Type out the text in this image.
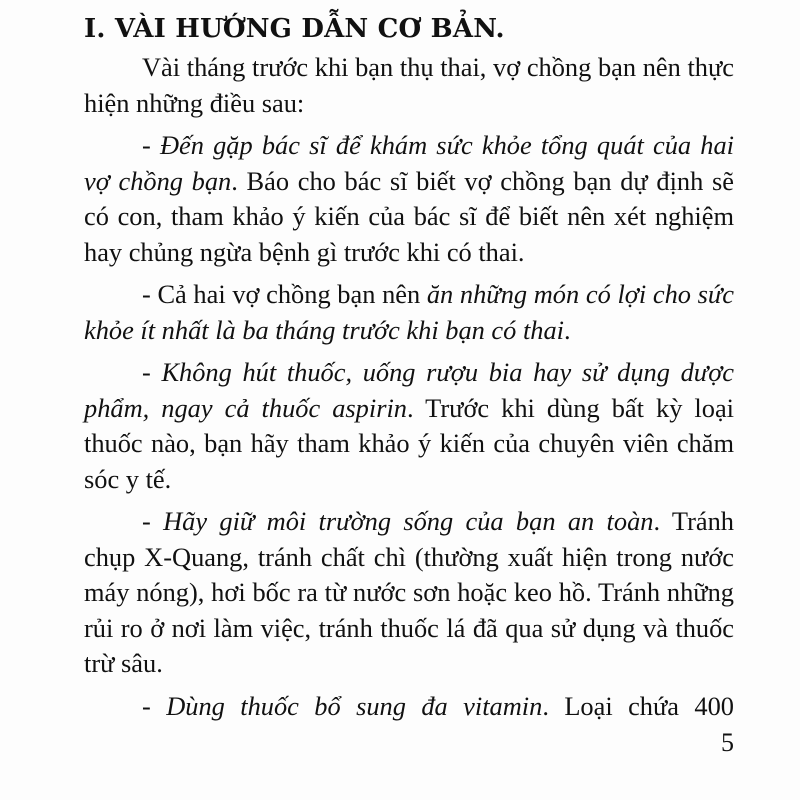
I. VÀI HƯỚNG DẪN CƠ BẢN.

Vài tháng trước khi bạn thụ thai, vợ chồng bạn nên thực hiện những điều sau:

- Đến gặp bác sĩ để khám sức khỏe tổng quát của hai vợ chồng bạn. Báo cho bác sĩ biết vợ chồng bạn dự định sẽ có con, tham khảo ý kiến của bác sĩ để biết nên xét nghiệm hay chủng ngừa bệnh gì trước khi có thai.

- Cả hai vợ chồng bạn nên ăn những món có lợi cho sức khỏe ít nhất là ba tháng trước khi bạn có thai.

- Không hút thuốc, uống rượu bia hay sử dụng dược phẩm, ngay cả thuốc aspirin. Trước khi dùng bất kỳ loại thuốc nào, bạn hãy tham khảo ý kiến của chuyên viên chăm sóc y tế.

- Hãy giữ môi trường sống của bạn an toàn. Tránh chụp X-Quang, tránh chất chì (thường xuất hiện trong nước máy nóng), hơi bốc ra từ nước sơn hoặc keo hồ. Tránh những rủi ro ở nơi làm việc, tránh thuốc lá đã qua sử dụng và thuốc trừ sâu.

- Dùng thuốc bổ sung đa vitamin. Loại chứa 400

5
